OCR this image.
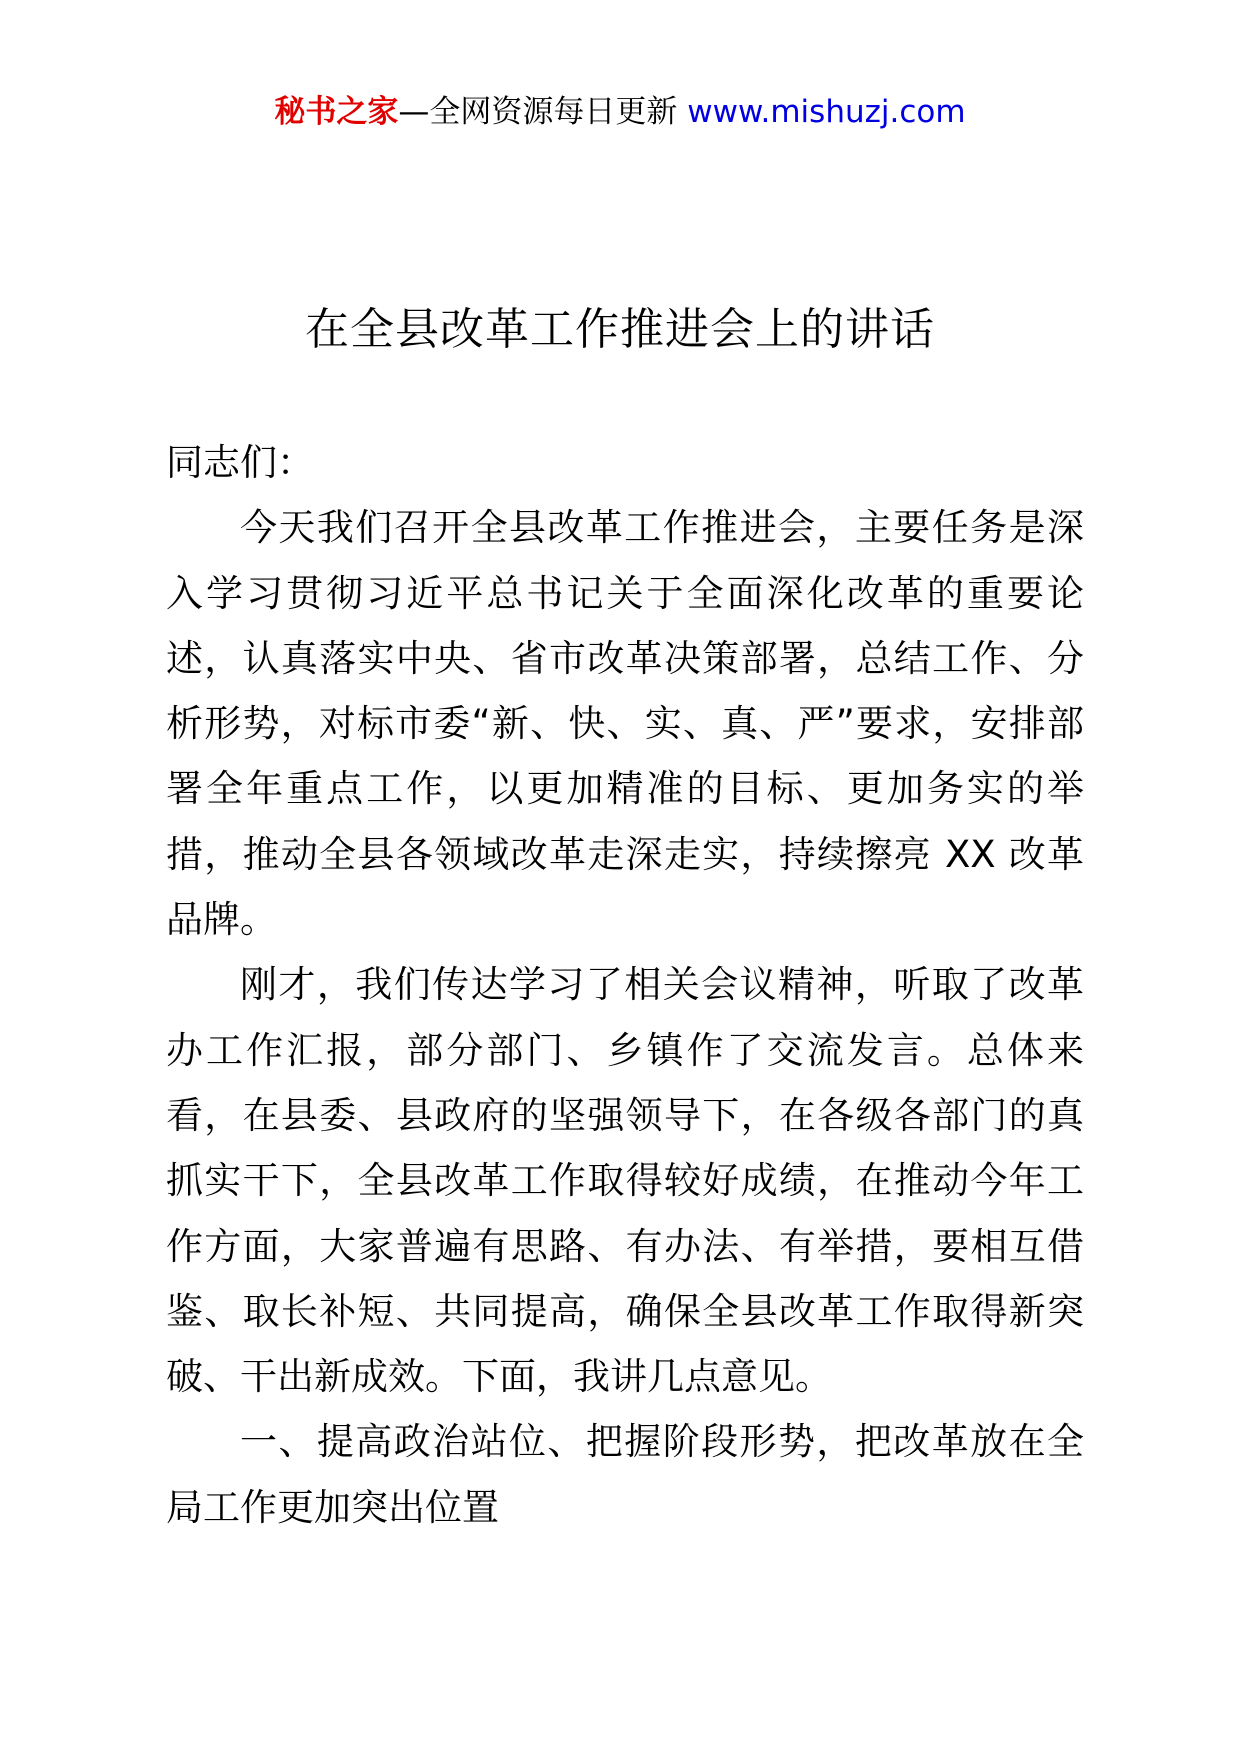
秘书之家—全网资源每日更新 www.mishuzj.com
在全县改革工作推进会上的讲话

同志们：

今天我们召开全县改革工作推进会，主要任务是深入学习贯彻习近平总书记关于全面深化改革的重要论述，认真落实中央、省市改革决策部署，总结工作、分析形势，对标市委“新、快、实、真、严”要求，安排部署全年重点工作，以更加精准的目标、更加务实的举措，推动全县各领域改革走深走实，持续擦亮 XX 改革品牌。

刚才，我们传达学习了相关会议精神，听取了改革办工作汇报，部分部门、乡镇作了交流发言。总体来看，在县委、县政府的坚强领导下，在各级各部门的真抓实干下，全县改革工作取得较好成绩，在推动今年工作方面，大家普遍有思路、有办法、有举措，要相互借鉴、取长补短、共同提高，确保全县改革工作取得新突破、干出新成效。下面，我讲几点意见。

一、提高政治站位、把握阶段形势，把改革放在全局工作更加突出位置
